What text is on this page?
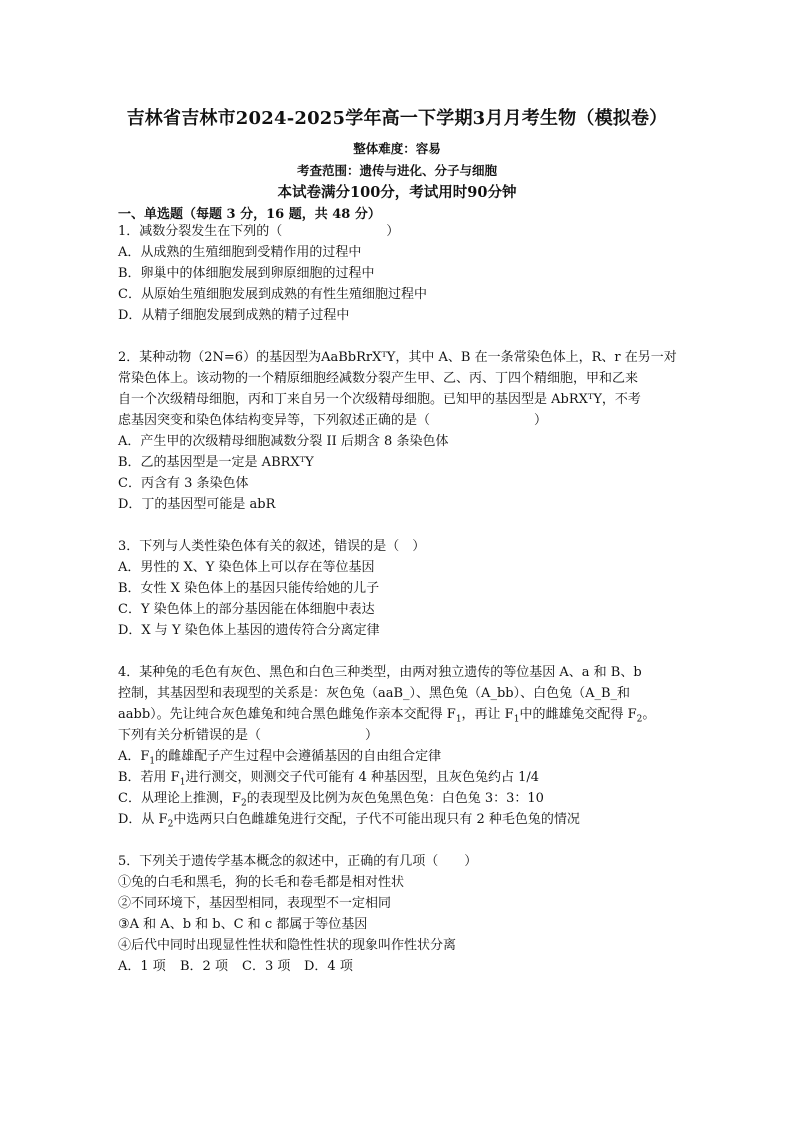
吉林省吉林市2024-2025学年高一下学期3月月考生物（模拟卷）
整体难度：容易
考查范围：遗传与进化、分子与细胞
本试卷满分100分，考试用时90分钟
一、单选题（每题 3 分，16 题，共 48 分）
1．减数分裂发生在下列的（　　　　　　　　）
A．从成熟的生殖细胞到受精作用的过程中
B．卵巢中的体细胞发展到卵原细胞的过程中
C．从原始生殖细胞发展到成熟的有性生殖细胞过程中
D．从精子细胞发展到成熟的精子过程中
2．某种动物（2N=6）的基因型为AaBbRrXᵀY，其中 A、B 在一条常染色体上，R、r 在另一对
常染色体上。该动物的一个精原细胞经减数分裂产生甲、乙、丙、丁四个精细胞，甲和乙来
自一个次级精母细胞，丙和丁来自另一个次级精母细胞。已知甲的基因型是 AbRXᵀY，不考
虑基因突变和染色体结构变异等，下列叙述正确的是（　　　　　　　　）
A．产生甲的次级精母细胞减数分裂 II 后期含 8 条染色体
B．乙的基因型是一定是 ABRXᵀY
C．丙含有 3 条染色体
D．丁的基因型可能是 abR
3．下列与人类性染色体有关的叙述，错误的是（　）
A．男性的 X、Y 染色体上可以存在等位基因
B．女性 X 染色体上的基因只能传给她的儿子
C．Y 染色体上的部分基因能在体细胞中表达
D．X 与 Y 染色体上基因的遗传符合分离定律
4．某种兔的毛色有灰色、黑色和白色三种类型，由两对独立遗传的等位基因 A、a 和 B、b
控制，其基因型和表现型的关系是：灰色兔（aaB_）、黑色兔（A_bb）、白色兔（A_B_和
aabb）。先让纯合灰色雄兔和纯合黑色雌兔作亲本交配得 $F_1$，再让 $F_1$中的雌雄兔交配得 $F_2$。
下列有关分析错误的是（　　　　　　　　）
A．$F_1$的雌雄配子产生过程中会遵循基因的自由组合定律
B．若用 $F_1$进行测交，则测交子代可能有 4 种基因型，且灰色兔约占 1/4
C．从理论上推测，$F_2$的表现型及比例为灰色兔黑色兔：白色兔 3：3：10
D．从 $F_2$中选两只白色雌雄兔进行交配，子代不可能出现只有 2 种毛色兔的情况
5．下列关于遗传学基本概念的叙述中，正确的有几项（　　）
①兔的白毛和黑毛，狗的长毛和卷毛都是相对性状
②不同环境下，基因型相同，表现型不一定相同
③A 和 A、b 和 b、C 和 c 都属于等位基因
④后代中同时出现显性性状和隐性性状的现象叫作性状分离
A．1 项 B．2 项 C．3 项 D．4 项
